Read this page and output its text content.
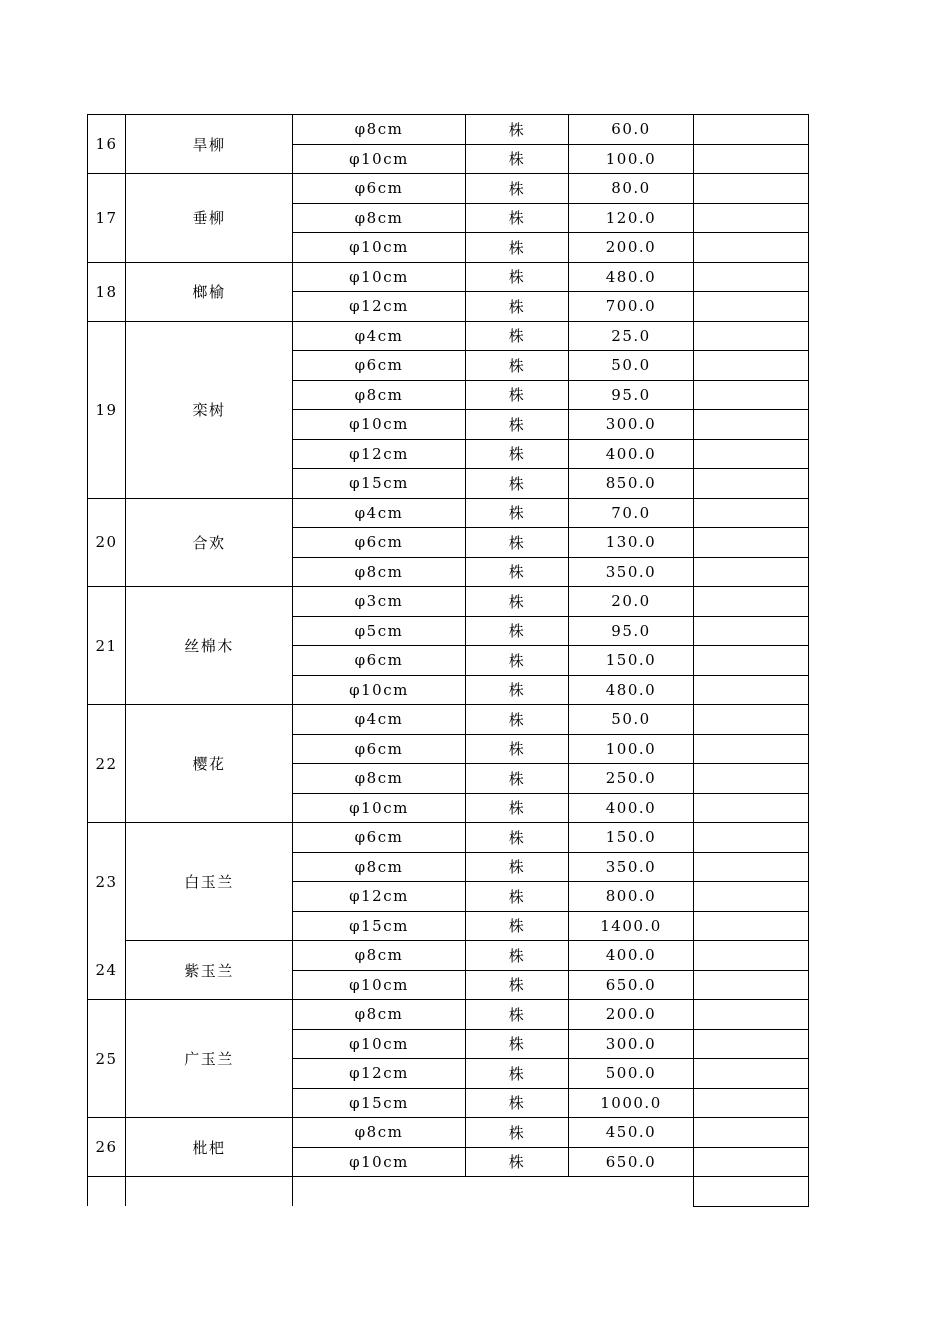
16	旱柳	φ8cm	株	60.0	
		φ10cm	株	100.0	
17	垂柳	φ6cm	株	80.0	
		φ8cm	株	120.0	
		φ10cm	株	200.0	
18	榔榆	φ10cm	株	480.0	
		φ12cm	株	700.0	
19	栾树	φ4cm	株	25.0	
		φ6cm	株	50.0	
		φ8cm	株	95.0	
		φ10cm	株	300.0	
		φ12cm	株	400.0	
		φ15cm	株	850.0	
20	合欢	φ4cm	株	70.0	
		φ6cm	株	130.0	
		φ8cm	株	350.0	
21	丝棉木	φ3cm	株	20.0	
		φ5cm	株	95.0	
		φ6cm	株	150.0	
		φ10cm	株	480.0	
22	樱花	φ4cm	株	50.0	
		φ6cm	株	100.0	
		φ8cm	株	250.0	
		φ10cm	株	400.0	
23	白玉兰	φ6cm	株	150.0	
		φ8cm	株	350.0	
		φ12cm	株	800.0	
		φ15cm	株	1400.0	
24	紫玉兰	φ8cm	株	400.0	
		φ10cm	株	650.0	
25	广玉兰	φ8cm	株	200.0	
		φ10cm	株	300.0	
		φ12cm	株	500.0	
		φ15cm	株	1000.0	
26	枇杷	φ8cm	株	450.0	
		φ10cm	株	650.0	
